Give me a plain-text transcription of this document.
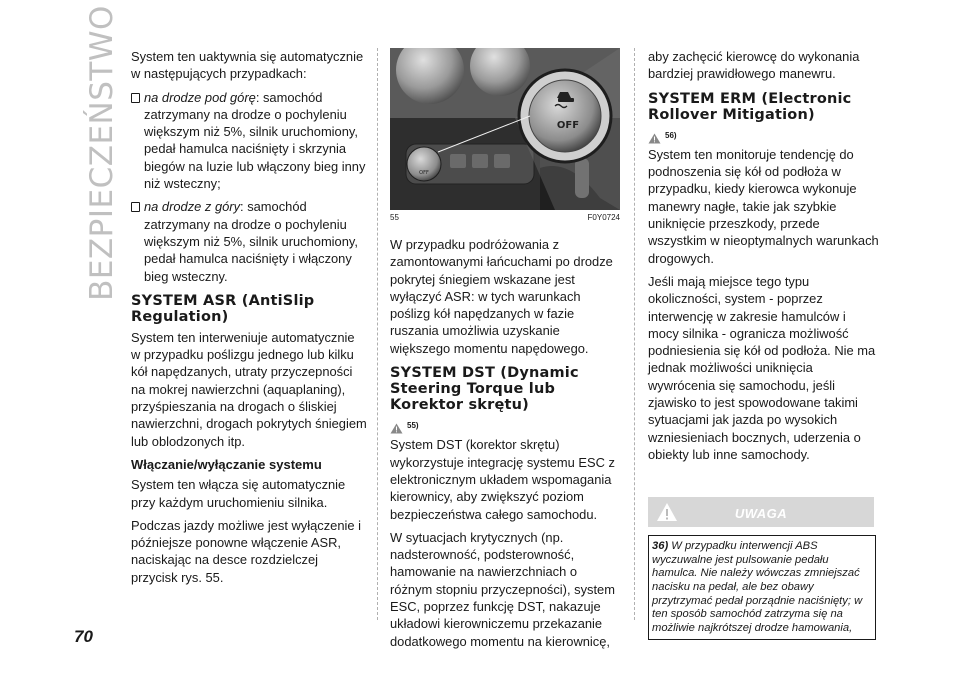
BEZPIECZEŃSTWO
70

System ten uaktywnia się automatycznie w następujących przypadkach:

na drodze pod górę: samochód zatrzymany na drodze o pochyleniu większym niż 5%, silnik uruchomiony, pedał hamulca naciśnięty i skrzynia biegów na luzie lub włączony bieg inny niż wsteczny;

na drodze z góry: samochód zatrzymany na drodze o pochyleniu większym niż 5%, silnik uruchomiony, pedał hamulca naciśnięty i włączony bieg wsteczny.

SYSTEM ASR (AntiSlip Regulation)

System ten interweniuje automatycznie w przypadku poślizgu jednego lub kilku kół napędzanych, utraty przyczepności na mokrej nawierzchni (aquaplaning), przyśpieszania na drogach o śliskiej nawierzchni, drogach pokrytych śniegiem lub oblodzonych itp.

Włączanie/wyłączanie systemu

System ten włącza się automatycznie przy każdym uruchomieniu silnika.

Podczas jazdy możliwe jest wyłączenie i późniejsze ponowne włączenie ASR, naciskając na desce rozdzielczej przycisk rys. 55.

OFF
OFF
55	F0Y0724

W przypadku podróżowania z zamontowanymi łańcuchami po drodze pokrytej śniegiem wskazane jest wyłączyć ASR: w tych warunkach poślizg kół napędzanych w fazie ruszania umożliwia uzyskanie większego momentu napędowego.

SYSTEM DST (Dynamic Steering Torque lub Korektor skrętu)
55)

System DST (korektor skrętu) wykorzystuje integrację systemu ESC z elektronicznym układem wspomagania kierownicy, aby zwiększyć poziom bezpieczeństwa całego samochodu.

W sytuacjach krytycznych (np. nadsterowność, podsterowność, hamowanie na nawierzchniach o różnym stopniu przyczepności), system ESC, poprzez funkcję DST, nakazuje układowi kierowniczemu przekazanie dodatkowego momentu na kierownicę,

aby zachęcić kierowcę do wykonania bardziej prawidłowego manewru.

SYSTEM ERM (Electronic Rollover Mitigation)
56)

System ten monitoruje tendencję do podnoszenia się kół od podłoża w przypadku, kiedy kierowca wykonuje manewry nagłe, takie jak szybkie uniknięcie przeszkody, przede wszystkim w nieoptymalnych warunkach drogowych.

Jeśli mają miejsce tego typu okoliczności, system - poprzez interwencję w zakresie hamulców i mocy silnika - ogranicza możliwość podniesienia się kół od podłoża. Nie ma jednak możliwości uniknięcia wywrócenia się samochodu, jeśli zjawisko to jest spowodowane takimi sytuacjami jak jazda po wysokich wzniesieniach bocznych, uderzenia o obiekty lub inne samochody.

UWAGA
36) W przypadku interwencji ABS wyczuwalne jest pulsowanie pedału hamulca. Nie należy wówczas zmniejszać nacisku na pedał, ale bez obawy przytrzymać pedał porządnie naciśnięty; w ten sposób samochód zatrzyma się na możliwie najkrótszej drodze hamowania,
